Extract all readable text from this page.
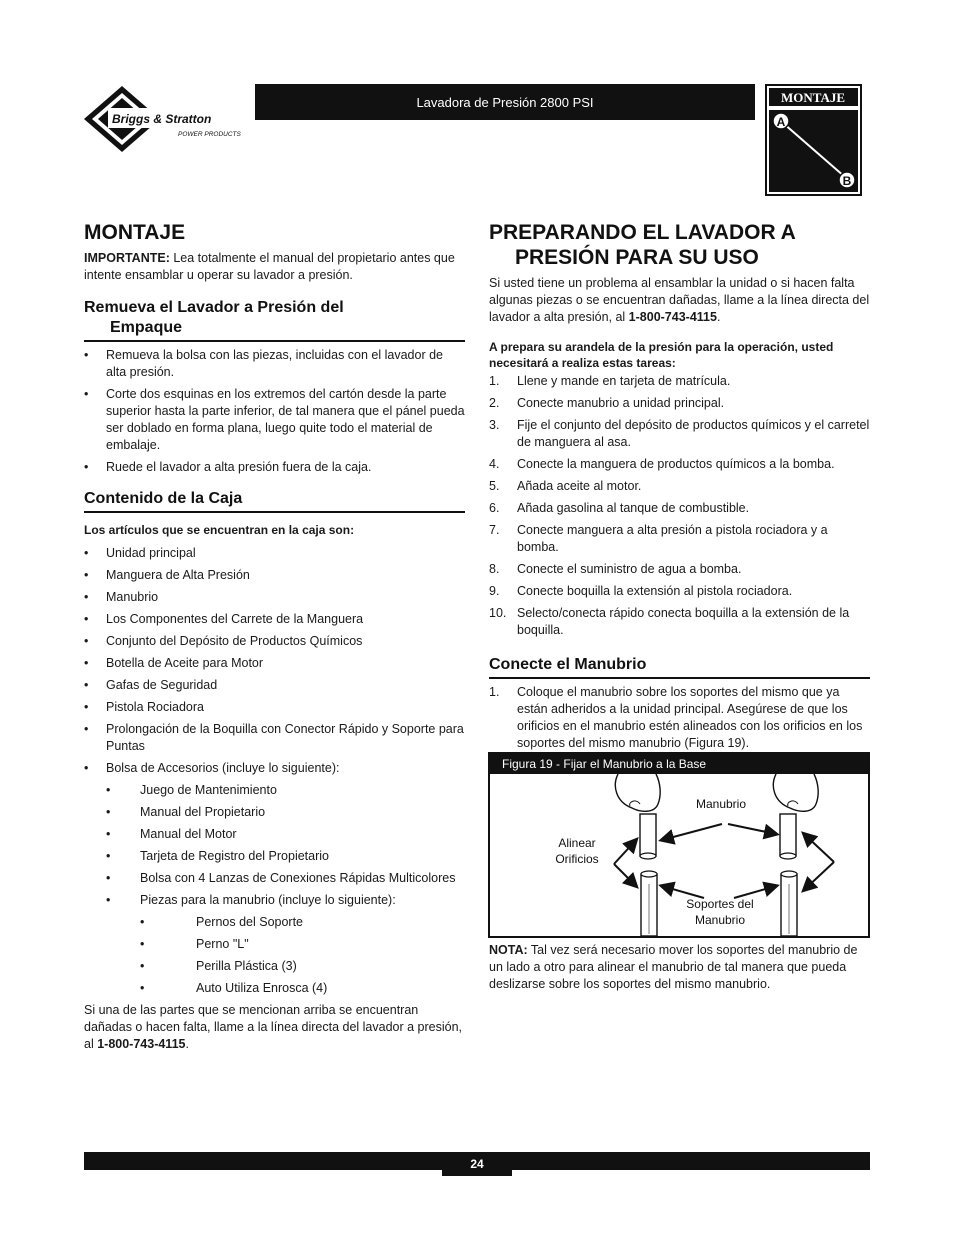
Briggs & Stratton
POWER PRODUCTS
Lavadora de Presión 2800 PSI	MONTAJE
A
B
MONTAJE

IMPORTANTE: Lea totalmente el manual del propietario antes que intente ensamblar u operar su lavador a presión.

Remueva el Lavador a Presión del
Empaque
• Remueva la bolsa con las piezas, incluidas con el lavador de alta presión.
• Corte dos esquinas en los extremos del cartón desde la parte superior hasta la parte inferior, de tal manera que el pánel pueda ser doblado en forma plana, luego quite todo el material de embalaje.
• Ruede el lavador a alta presión fuera de la caja.
Contenido de la Caja

Los artículos que se encuentran en la caja son:

• Unidad principal
• Manguera de Alta Presión
• Manubrio
• Los Componentes del Carrete de la Manguera
• Conjunto del Depósito de Productos Químicos
• Botella de Aceite para Motor
• Gafas de Seguridad
• Pistola Rociadora
• Prolongación de la Boquilla con Conector Rápido y Soporte para Puntas
• Bolsa de Accesorios (incluye lo siguiente):
• Juego de Mantenimiento
• Manual del Propietario
• Manual del Motor
• Tarjeta de Registro del Propietario
• Bolsa con 4 Lanzas de Conexiones Rápidas Multicolores
• Piezas para la manubrio (incluye lo siguiente):
•	Pernos del Soporte
•	Perno "L"
•	Perilla Plástica (3)
•	Auto Utiliza Enrosca (4)

Si una de las partes que se mencionan arriba se encuentran dañadas o hacen falta, llame a la línea directa del lavador a presión, al 1-800-743-4115.

PREPARANDO EL LAVADOR A
PRESIÓN PARA SU USO

Si usted tiene un problema al ensamblar la unidad o si hacen falta algunas piezas o se encuentran dañadas, llame a la línea directa del lavador a alta presión, al 1-800-743-4115.

A prepara su arandela de la presión para la operación, usted necesitará a realiza estas tareas:

1. Llene y mande en tarjeta de matrícula.
2. Conecte manubrio a unidad principal.
3. Fije el conjunto del depósito de productos químicos y el carretel de manguera al asa.
4. Conecte la manguera de productos químicos a la bomba.
5. Añada aceite al motor.
6. Añada gasolina al tanque de combustible.
7. Conecte manguera a alta presión a pistola rociadora y a bomba.
8. Conecte el suministro de agua a bomba.
9. Conecte boquilla la extensión al pistola rociadora.
10. Selecto/conecta rápido conecta boquilla a la extensión de la boquilla.
Conecte el Manubrio
1. Coloque el manubrio sobre los soportes del mismo que ya están adheridos a la unidad principal. Asegúrese de que los orificios en el manubrio estén alineados con los orificios en los soportes del mismo manubrio (Figura 19).
Figura 19 - Fijar el Manubrio a la Base
Manubrio
Alinear
Orificios
Soportes del
Manubrio

NOTA: Tal vez será necesario mover los soportes del manubrio de un lado a otro para alinear el manubrio de tal manera que pueda deslizarse sobre los soportes del mismo manubrio.

24
